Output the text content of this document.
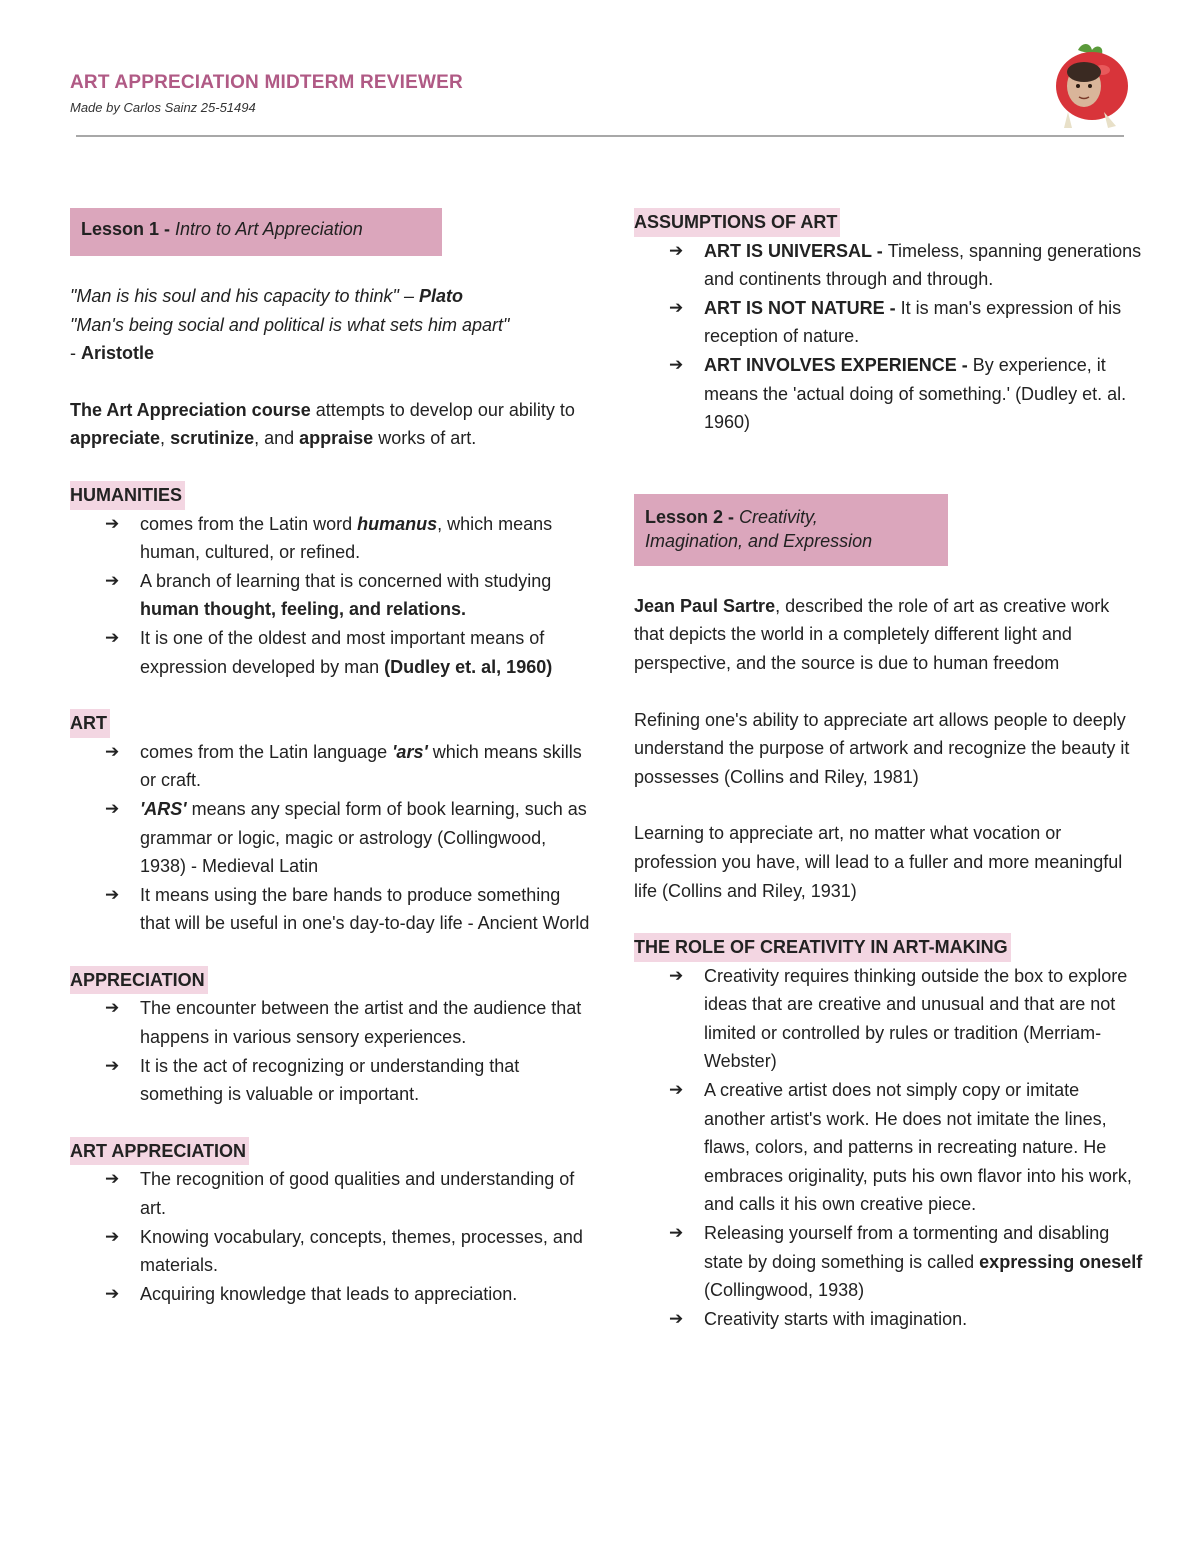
ART APPRECIATION MIDTERM REVIEWER
Made by Carlos Sainz 25-51494
Lesson 1 - Intro to Art Appreciation

"Man is his soul and his capacity to think" – Plato

"Man's being social and political is what sets him apart"

- Aristotle

The Art Appreciation course attempts to develop our ability to appreciate, scrutinize, and appraise works of art.

HUMANITIES
➔ comes from the Latin word humanus, which means human, cultured, or refined.
➔ A branch of learning that is concerned with studying human thought, feeling, and relations.
➔ It is one of the oldest and most important means of expression developed by man (Dudley et. al, 1960)
ART
➔ comes from the Latin language 'ars' which means skills or craft.
➔ 'ARS' means any special form of book learning, such as grammar or logic, magic or astrology (Collingwood, 1938) - Medieval Latin
➔ It means using the bare hands to produce something that will be useful in one's day-to-day life - Ancient World
APPRECIATION
➔ The encounter between the artist and the audience that happens in various sensory experiences.
➔ It is the act of recognizing or understanding that something is valuable or important.
ART APPRECIATION
➔ The recognition of good qualities and understanding of art.
➔ Knowing vocabulary, concepts, themes, processes, and materials.
➔ Acquiring knowledge that leads to appreciation.
ASSUMPTIONS OF ART
➔ ART IS UNIVERSAL - Timeless, spanning generations and continents through and through.
➔ ART IS NOT NATURE - It is man's expression of his reception of nature.
➔ ART INVOLVES EXPERIENCE - By experience, it means the 'actual doing of something.' (Dudley et. al. 1960)
Lesson 2 - Creativity,
Imagination, and Expression

Jean Paul Sartre, described the role of art as creative work that depicts the world in a completely different light and perspective, and the source is due to human freedom

Refining one's ability to appreciate art allows people to deeply understand the purpose of artwork and recognize the beauty it possesses (Collins and Riley, 1981)

Learning to appreciate art, no matter what vocation or profession you have, will lead to a fuller and more meaningful life (Collins and Riley, 1931)

THE ROLE OF CREATIVITY IN ART-MAKING
➔ Creativity requires thinking outside the box to explore ideas that are creative and unusual and that are not limited or controlled by rules or tradition (Merriam-Webster)
➔ A creative artist does not simply copy or imitate another artist's work. He does not imitate the lines, flaws, colors, and patterns in recreating nature. He embraces originality, puts his own flavor into his work, and calls it his own creative piece.
➔ Releasing yourself from a tormenting and disabling state by doing something is called expressing oneself (Collingwood, 1938)
➔ Creativity starts with imagination.
